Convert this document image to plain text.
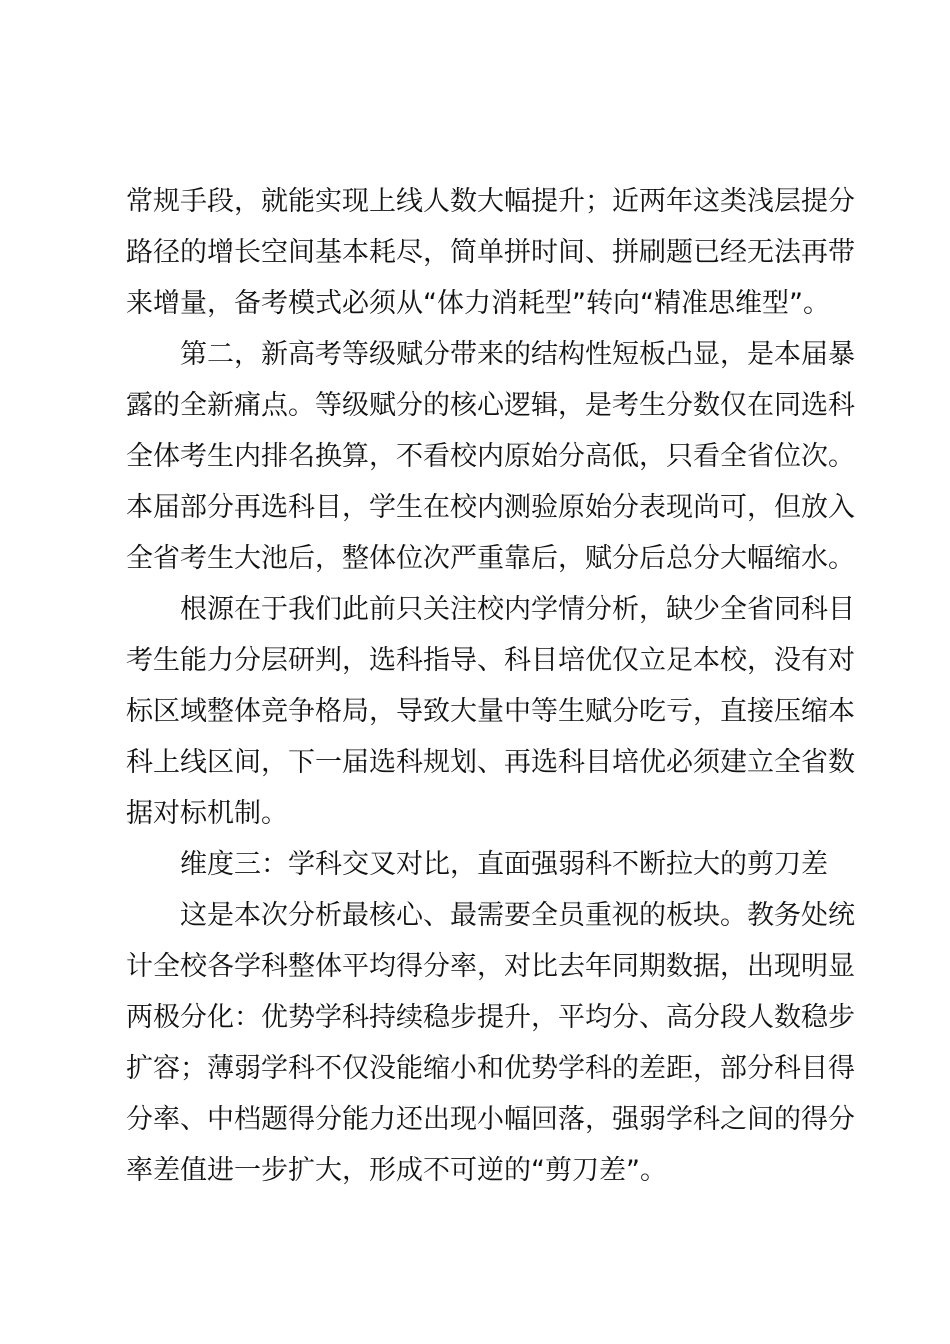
常规手段，就能实现上线人数大幅提升；近两年这类浅层提分
路径的增长空间基本耗尽，简单拼时间、拼刷题已经无法再带
来增量，备考模式必须从“体力消耗型”转向“精准思维型”。
第二，新高考等级赋分带来的结构性短板凸显，是本届暴
露的全新痛点。等级赋分的核心逻辑，是考生分数仅在同选科
全体考生内排名换算，不看校内原始分高低，只看全省位次。
本届部分再选科目，学生在校内测验原始分表现尚可，但放入
全省考生大池后，整体位次严重靠后，赋分后总分大幅缩水。
根源在于我们此前只关注校内学情分析，缺少全省同科目
考生能力分层研判，选科指导、科目培优仅立足本校，没有对
标区域整体竞争格局，导致大量中等生赋分吃亏，直接压缩本
科上线区间，下一届选科规划、再选科目培优必须建立全省数
据对标机制。
维度三：学科交叉对比，直面强弱科不断拉大的剪刀差
这是本次分析最核心、最需要全员重视的板块。教务处统
计全校各学科整体平均得分率，对比去年同期数据，出现明显
两极分化：优势学科持续稳步提升，平均分、高分段人数稳步
扩容；薄弱学科不仅没能缩小和优势学科的差距，部分科目得
分率、中档题得分能力还出现小幅回落，强弱学科之间的得分
率差值进一步扩大，形成不可逆的“剪刀差”。
